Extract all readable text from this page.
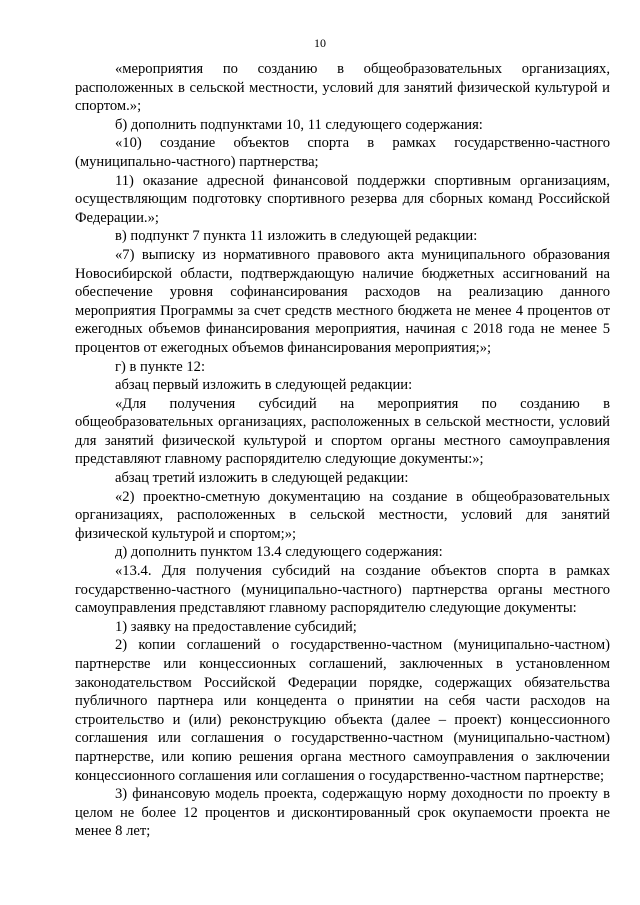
10

«мероприятия по созданию в общеобразовательных организациях, расположенных в сельской местности, условий для занятий физической культурой и спортом.»;

б) дополнить подпунктами 10, 11 следующего содержания:

«10) создание объектов спорта в рамках государственно-частного (муниципально-частного) партнерства;

11) оказание адресной финансовой поддержки спортивным организациям, осуществляющим подготовку спортивного резерва для сборных команд Российской Федерации.»;

в) подпункт 7 пункта 11 изложить в следующей редакции:

«7) выписку из нормативного правового акта муниципального образования Новосибирской области, подтверждающую наличие бюджетных ассигнований на обеспечение уровня софинансирования расходов на реализацию данного мероприятия Программы за счет средств местного бюджета не менее 4 процентов от ежегодных объемов финансирования мероприятия, начиная с 2018 года не менее 5 процентов от ежегодных объемов финансирования мероприятия;»;

г) в пункте 12:

абзац первый изложить в следующей редакции:

«Для получения субсидий на мероприятия по созданию в общеобразовательных организациях, расположенных в сельской местности, условий для занятий физической культурой и спортом органы местного самоуправления представляют главному распорядителю следующие документы:»;

абзац третий изложить в следующей редакции:

«2) проектно-сметную документацию на создание в общеобразовательных организациях, расположенных в сельской местности, условий для занятий физической культурой и спортом;»;

д) дополнить пунктом 13.4 следующего содержания:

«13.4. Для получения субсидий на создание объектов спорта в рамках государственно-частного (муниципально-частного) партнерства органы местного самоуправления представляют главному распорядителю следующие документы:

1) заявку на предоставление субсидий;

2) копии соглашений о государственно-частном (муниципально-частном) партнерстве или концессионных соглашений, заключенных в установленном законодательством Российской Федерации порядке, содержащих обязательства публичного партнера или концедента о принятии на себя части расходов на строительство и (или) реконструкцию объекта (далее – проект) концессионного соглашения или соглашения о государственно-частном (муниципально-частном) партнерстве, или копию решения органа местного самоуправления о заключении концессионного соглашения или соглашения о государственно-частном партнерстве;

3) финансовую модель проекта, содержащую норму доходности по проекту в целом не более 12 процентов и дисконтированный срок окупаемости проекта не менее 8 лет;
